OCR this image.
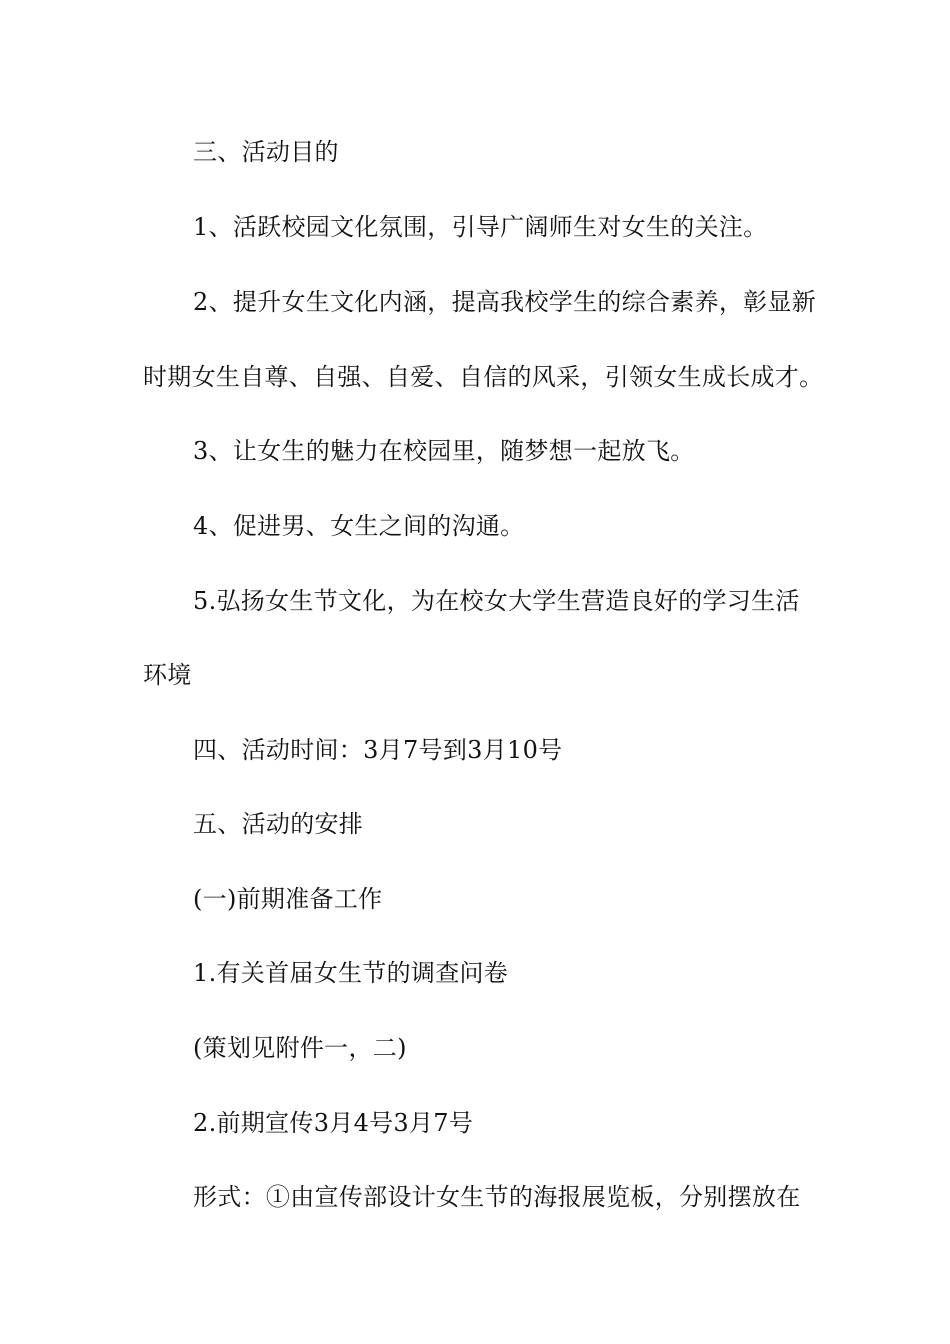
三、活动目的
1、活跃校园文化氛围，引导广阔师生对女生的关注。
2、提升女生文化内涵，提高我校学生的综合素养，彰显新
时期女生自尊、自强、自爱、自信的风采，引领女生成长成才。
3、让女生的魅力在校园里，随梦想一起放飞。
4、促进男、女生之间的沟通。
5.弘扬女生节文化，为在校女大学生营造良好的学习生活
环境
四、活动时间：3月7号到3月10号
五、活动的安排
(一)前期准备工作
1.有关首届女生节的调查问卷
(策划见附件一，二)
2.前期宣传3月4号3月7号
形式：①由宣传部设计女生节的海报展览板，分别摆放在
